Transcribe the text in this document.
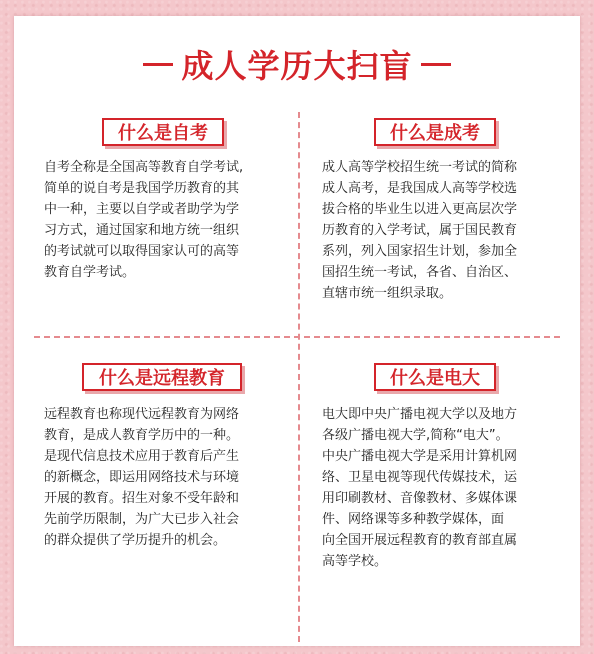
成人学历大扫盲
什么是自考
自考全称是全国高等教育自学考试,
简单的说自考是我国学历教育的其
中一种，主要以自学或者助学为学
习方式，通过国家和地方统一组织
的考试就可以取得国家认可的高等
教育自学考试。
什么是成考
成人高等学校招生统一考试的简称
成人高考，是我国成人高等学校选
拔合格的毕业生以进入更高层次学
历教育的入学考试，属于国民教育
系列，列入国家招生计划，参加全
国招生统一考试，各省、自治区、
直辖市统一组织录取。
什么是远程教育
远程教育也称现代远程教育为网络
教育，是成人教育学历中的一种。
是现代信息技术应用于教育后产生
的新概念，即运用网络技术与环境
开展的教育。招生对象不受年龄和
先前学历限制，为广大已步入社会
的群众提供了学历提升的机会。
什么是电大
电大即中央广播电视大学以及地方
各级广播电视大学,简称“电大”。
中央广播电视大学是采用计算机网
络、卫星电视等现代传媒技术，运
用印刷教材、音像教材、多媒体课
件、网络课等多种教学媒体，面
向全国开展远程教育的教育部直属
高等学校。
